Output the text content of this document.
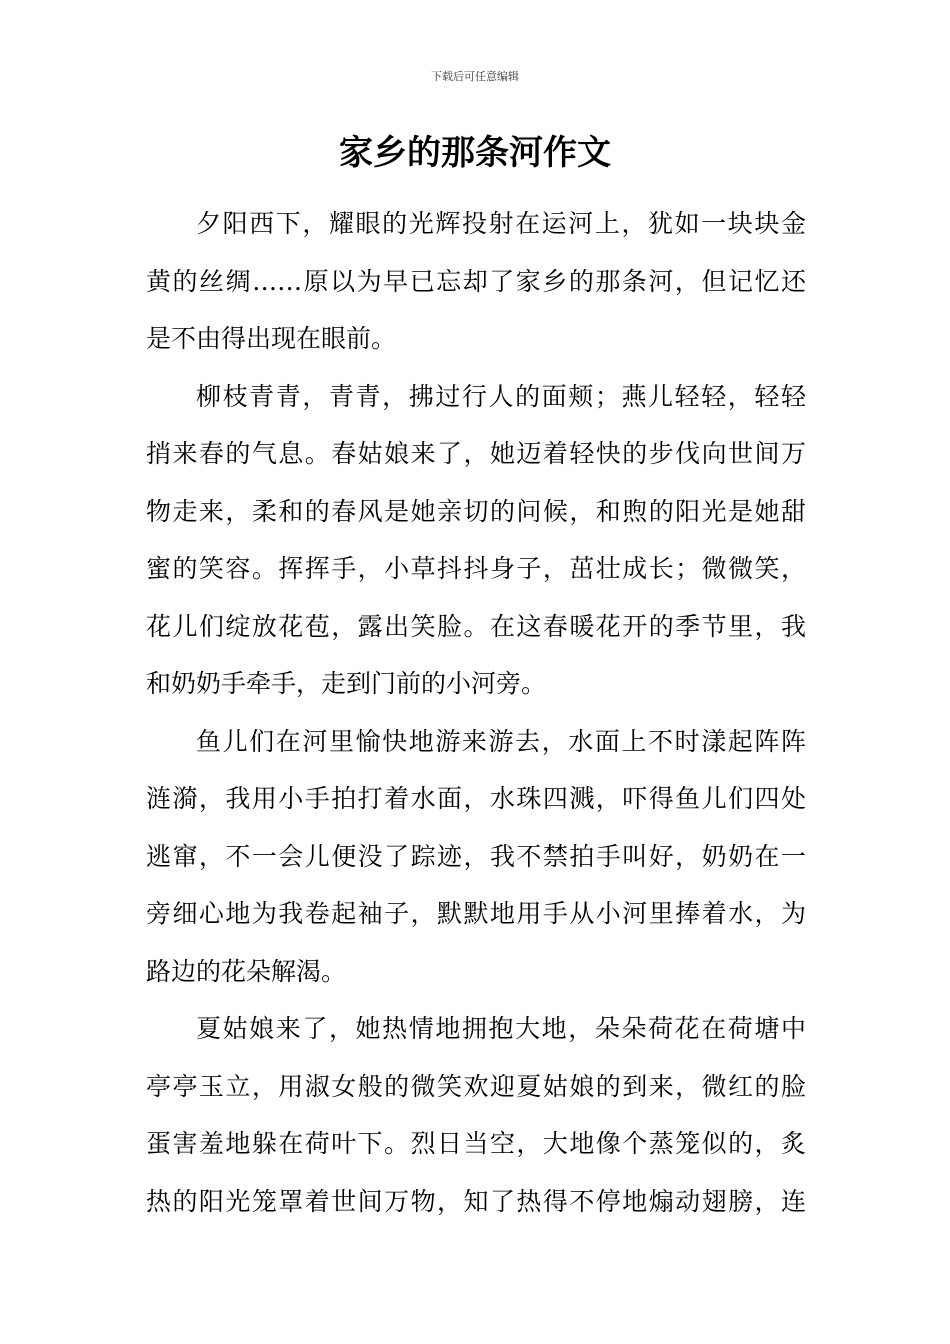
下载后可任意编辑
家乡的那条河作文
夕阳西下，耀眼的光辉投射在运河上，犹如一块块金
黄的丝绸……原以为早已忘却了家乡的那条河，但记忆还
是不由得出现在眼前。
柳枝青青，青青，拂过行人的面颊；燕儿轻轻，轻轻
捎来春的气息。春姑娘来了，她迈着轻快的步伐向世间万
物走来，柔和的春风是她亲切的问候，和煦的阳光是她甜
蜜的笑容。挥挥手，小草抖抖身子，茁壮成长；微微笑，
花儿们绽放花苞，露出笑脸。在这春暖花开的季节里，我
和奶奶手牵手，走到门前的小河旁。
鱼儿们在河里愉快地游来游去，水面上不时漾起阵阵
涟漪，我用小手拍打着水面，水珠四溅，吓得鱼儿们四处
逃窜，不一会儿便没了踪迹，我不禁拍手叫好，奶奶在一
旁细心地为我卷起袖子，默默地用手从小河里捧着水，为
路边的花朵解渴。
夏姑娘来了，她热情地拥抱大地，朵朵荷花在荷塘中
亭亭玉立，用淑女般的微笑欢迎夏姑娘的到来，微红的脸
蛋害羞地躲在荷叶下。烈日当空，大地像个蒸笼似的，炙
热的阳光笼罩着世间万物，知了热得不停地煽动翅膀，连
